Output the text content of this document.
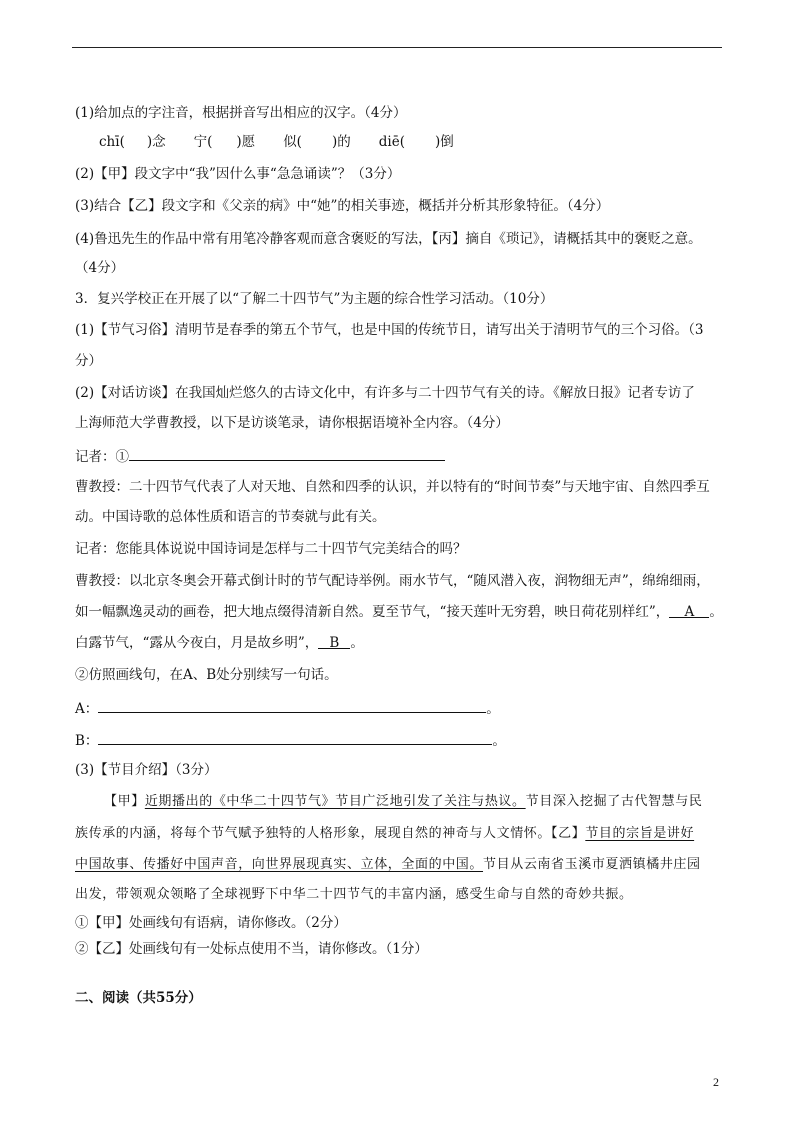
(1)给加点的字注音，根据拼音写出相应的汉字。（4分）
chī( )念 宁( )愿 似( )的 diē( )倒
(2)【甲】段文字中“我”因什么事“急急诵读”？（3分）
(3)结合【乙】段文字和《父亲的病》中“她”的相关事迹，概括并分析其形象特征。（4分）
(4)鲁迅先生的作品中常有用笔冷静客观而意含褒贬的写法，【丙】摘自《琐记》，请概括其中的褒贬之意。
（4分）
3．复兴学校正在开展了以“了解二十四节气”为主题的综合性学习活动。（10分）
(1)【节气习俗】清明节是春季的第五个节气，也是中国的传统节日，请写出关于清明节气的三个习俗。（3
分）
(2)【对话访谈】在我国灿烂悠久的古诗文化中，有许多与二十四节气有关的诗。《解放日报》记者专访了
上海师范大学曹教授，以下是访谈笔录，请你根据语境补全内容。（4分）
记者：①
曹教授：二十四节气代表了人对天地、自然和四季的认识，并以特有的“时间节奏”与天地宇宙、自然四季互
动。中国诗歌的总体性质和语言的节奏就与此有关。
记者：您能具体说说中国诗词是怎样与二十四节气完美结合的吗？
曹教授：以北京冬奥会开幕式倒计时的节气配诗举例。雨水节气，“随风潜入夜，润物细无声”，绵绵细雨，
如一幅飘逸灵动的画卷，把大地点缀得清新自然。夏至节气，“接天莲叶无穷碧，映日荷花别样红”， A 。
白露节气，“露从今夜白，月是故乡明”， B 。
②仿照画线句，在A、B处分别续写一句话。
A：	。
B：	。
(3)【节目介绍】（3分）
【甲】近期播出的《中华二十四节气》节目广泛地引发了关注与热议。节目深入挖掘了古代智慧与民
族传承的内涵，将每个节气赋予独特的人格形象，展现自然的神奇与人文情怀。【乙】节目的宗旨是讲好
中国故事、传播好中国声音，向世界展现真实、立体，全面的中国。节目从云南省玉溪市夏洒镇橘井庄园
出发，带领观众领略了全球视野下中华二十四节气的丰富内涵，感受生命与自然的奇妙共振。
①【甲】处画线句有语病，请你修改。（2分）
②【乙】处画线句有一处标点使用不当，请你修改。（1分）
二、阅读（共55分）
2
